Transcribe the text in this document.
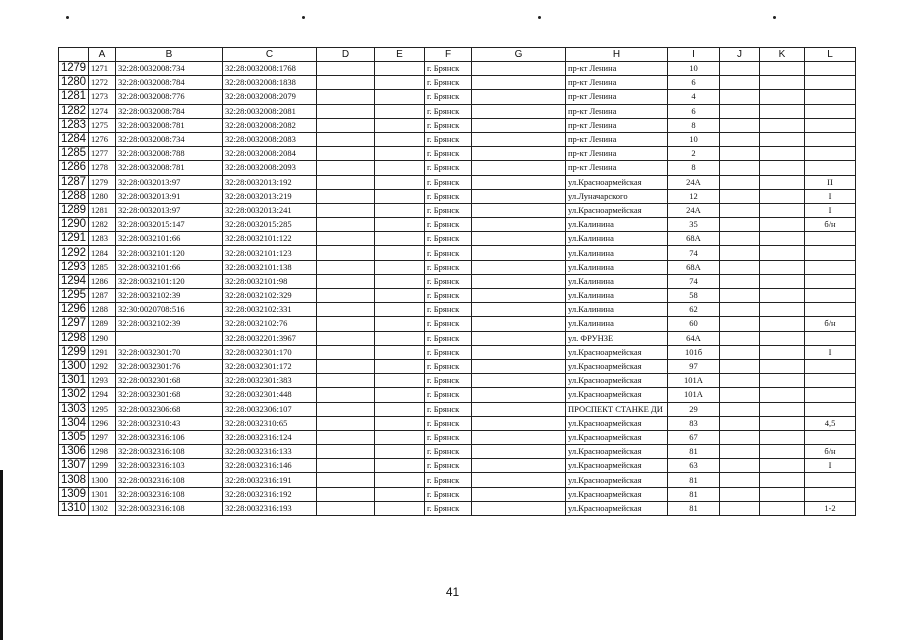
	A	B	C	D	E	F	G	H	I	J	K	L
1279	1271	32:28:0032008:734	32:28:0032008:1768			г. Брянск		пр-кт Ленина	10			
1280	1272	32:28:0032008:784	32:28:0032008:1838			г. Брянск		пр-кт Ленина	6			
1281	1273	32:28:0032008:776	32:28:0032008:2079			г. Брянск		пр-кт Ленина	4			
1282	1274	32:28:0032008:784	32:28:0032008:2081			г. Брянск		пр-кт Ленина	6			
1283	1275	32:28:0032008:781	32:28:0032008:2082			г. Брянск		пр-кт Ленина	8			
1284	1276	32:28:0032008:734	32:28:0032008:2083			г. Брянск		пр-кт Ленина	10			
1285	1277	32:28:0032008:788	32:28:0032008:2084			г. Брянск		пр-кт Ленина	2			
1286	1278	32:28:0032008:781	32:28:0032008:2093			г. Брянск		пр-кт Ленина	8			
1287	1279	32:28:0032013:97	32:28:0032013:192			г. Брянск		ул.Красноармейская	24А			II
1288	1280	32:28:0032013:91	32:28:0032013:219			г. Брянск		ул.Луначарского	12			I
1289	1281	32:28:0032013:97	32:28:0032013:241			г. Брянск		ул.Красноармейская	24А			I
1290	1282	32:28:0032015:147	32:28:0032015:285			г. Брянск		ул.Калинина	35			б/н
1291	1283	32:28:0032101:66	32:28:0032101:122			г. Брянск		ул.Калинина	68А			
1292	1284	32:28:0032101:120	32:28:0032101:123			г. Брянск		ул.Калинина	74			
1293	1285	32:28:0032101:66	32:28:0032101:138			г. Брянск		ул.Калинина	68А			
1294	1286	32:28:0032101:120	32:28:0032101:98			г. Брянск		ул.Калинина	74			
1295	1287	32:28:0032102:39	32:28:0032102:329			г. Брянск		ул.Калинина	58			
1296	1288	32:30:0020708:516	32:28:0032102:331			г. Брянск		ул.Калинина	62			
1297	1289	32:28:0032102:39	32:28:0032102:76			г. Брянск		ул.Калинина	60			б/н
1298	1290		32:28:0032201:3967			г. Брянск		ул. ФРУНЗЕ	64А			
1299	1291	32:28:0032301:70	32:28:0032301:170			г. Брянск		ул.Красноармейская	101б			I
1300	1292	32:28:0032301:76	32:28:0032301:172			г. Брянск		ул.Красноармейская	97			
1301	1293	32:28:0032301:68	32:28:0032301:383			г. Брянск		ул.Красноармейская	101А			
1302	1294	32:28:0032301:68	32:28:0032301:448			г. Брянск		ул.Красноармейская	101А			
1303	1295	32:28:0032306:68	32:28:0032306:107			г. Брянск		ПРОСПЕКТ СТАНКЕ ДИ	29			
1304	1296	32:28:0032310:43	32:28:0032310:65			г. Брянск		ул.Красноармейская	83			4,5
1305	1297	32:28:0032316:106	32:28:0032316:124			г. Брянск		ул.Красноармейская	67			
1306	1298	32:28:0032316:108	32:28:0032316:133			г. Брянск		ул.Красноармейская	81			б/н
1307	1299	32:28:0032316:103	32:28:0032316:146			г. Брянск		ул.Красноармейская	63			I
1308	1300	32:28:0032316:108	32:28:0032316:191			г. Брянск		ул.Красноармейская	81			
1309	1301	32:28:0032316:108	32:28:0032316:192			г. Брянск		ул.Красноармейская	81			
1310	1302	32:28:0032316:108	32:28:0032316:193			г. Брянск		ул.Красноармейская	81			1-2
41
